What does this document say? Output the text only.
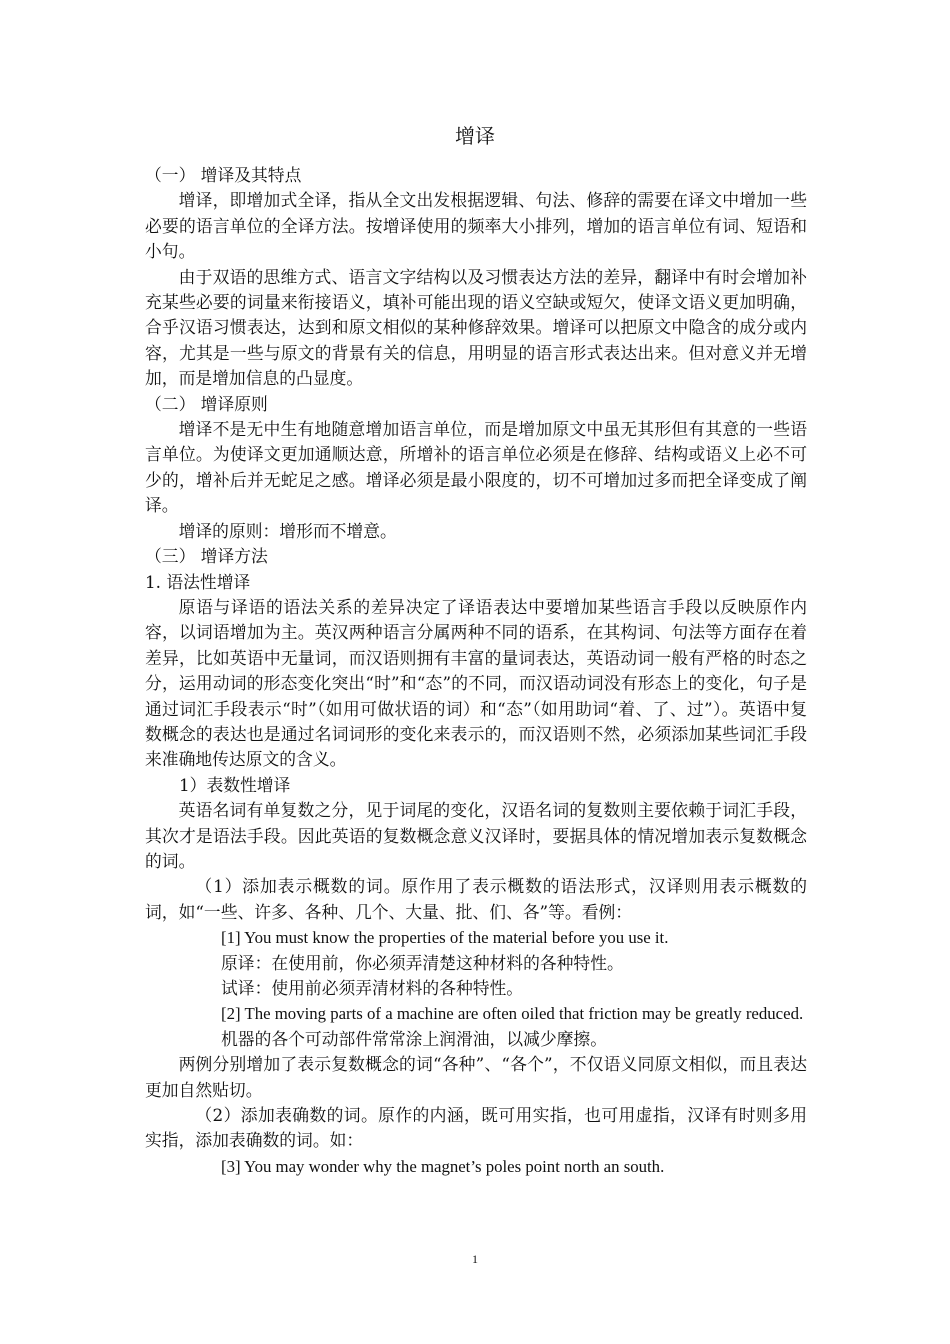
增译

（一） 增译及其特点

增译，即增加式全译，指从全文出发根据逻辑、句法、修辞的需要在译文中增加一些必要的语言单位的全译方法。按增译使用的频率大小排列，增加的语言单位有词、短语和小句。

由于双语的思维方式、语言文字结构以及习惯表达方法的差异，翻译中有时会增加补充某些必要的词量来衔接语义，填补可能出现的语义空缺或短欠，使译文语义更加明确，合乎汉语习惯表达，达到和原文相似的某种修辞效果。增译可以把原文中隐含的成分或内容，尤其是一些与原文的背景有关的信息，用明显的语言形式表达出来。但对意义并无增加，而是增加信息的凸显度。

（二） 增译原则

增译不是无中生有地随意增加语言单位，而是增加原文中虽无其形但有其意的一些语言单位。为使译文更加通顺达意，所增补的语言单位必须是在修辞、结构或语义上必不可少的，增补后并无蛇足之感。增译必须是最小限度的，切不可增加过多而把全译变成了阐译。

增译的原则：增形而不增意。

（三） 增译方法

1. 语法性增译

原语与译语的语法关系的差异决定了译语表达中要增加某些语言手段以反映原作内容，以词语增加为主。英汉两种语言分属两种不同的语系，在其构词、句法等方面存在着差异，比如英语中无量词，而汉语则拥有丰富的量词表达，英语动词一般有严格的时态之分，运用动词的形态变化突出“时”和“态”的不同，而汉语动词没有形态上的变化，句子是通过词汇手段表示“时”（如用可做状语的词）和“态”（如用助词“着、了、过”）。英语中复数概念的表达也是通过名词词形的变化来表示的，而汉语则不然，必须添加某些词汇手段来准确地传达原文的含义。

1）表数性增译

英语名词有单复数之分，见于词尾的变化，汉语名词的复数则主要依赖于词汇手段，其次才是语法手段。因此英语的复数概念意义汉译时，要据具体的情况增加表示复数概念的词。

（1）添加表示概数的词。原作用了表示概数的语法形式，汉译则用表示概数的词，如“一些、许多、各种、几个、大量、批、们、各”等。看例：

[1] You must know the properties of the material before you use it.

原译：在使用前，你必须弄清楚这种材料的各种特性。

试译：使用前必须弄清材料的各种特性。

[2] The moving parts of a machine are often oiled that friction may be greatly reduced.

机器的各个可动部件常常涂上润滑油，以减少摩擦。

两例分别增加了表示复数概念的词“各种”、“各个”，不仅语义同原文相似，而且表达更加自然贴切。

（2）添加表确数的词。原作的内涵，既可用实指，也可用虚指，汉译有时则多用实指，添加表确数的词。如：

[3] You may wonder why the magnet’s poles point north an south.

1
